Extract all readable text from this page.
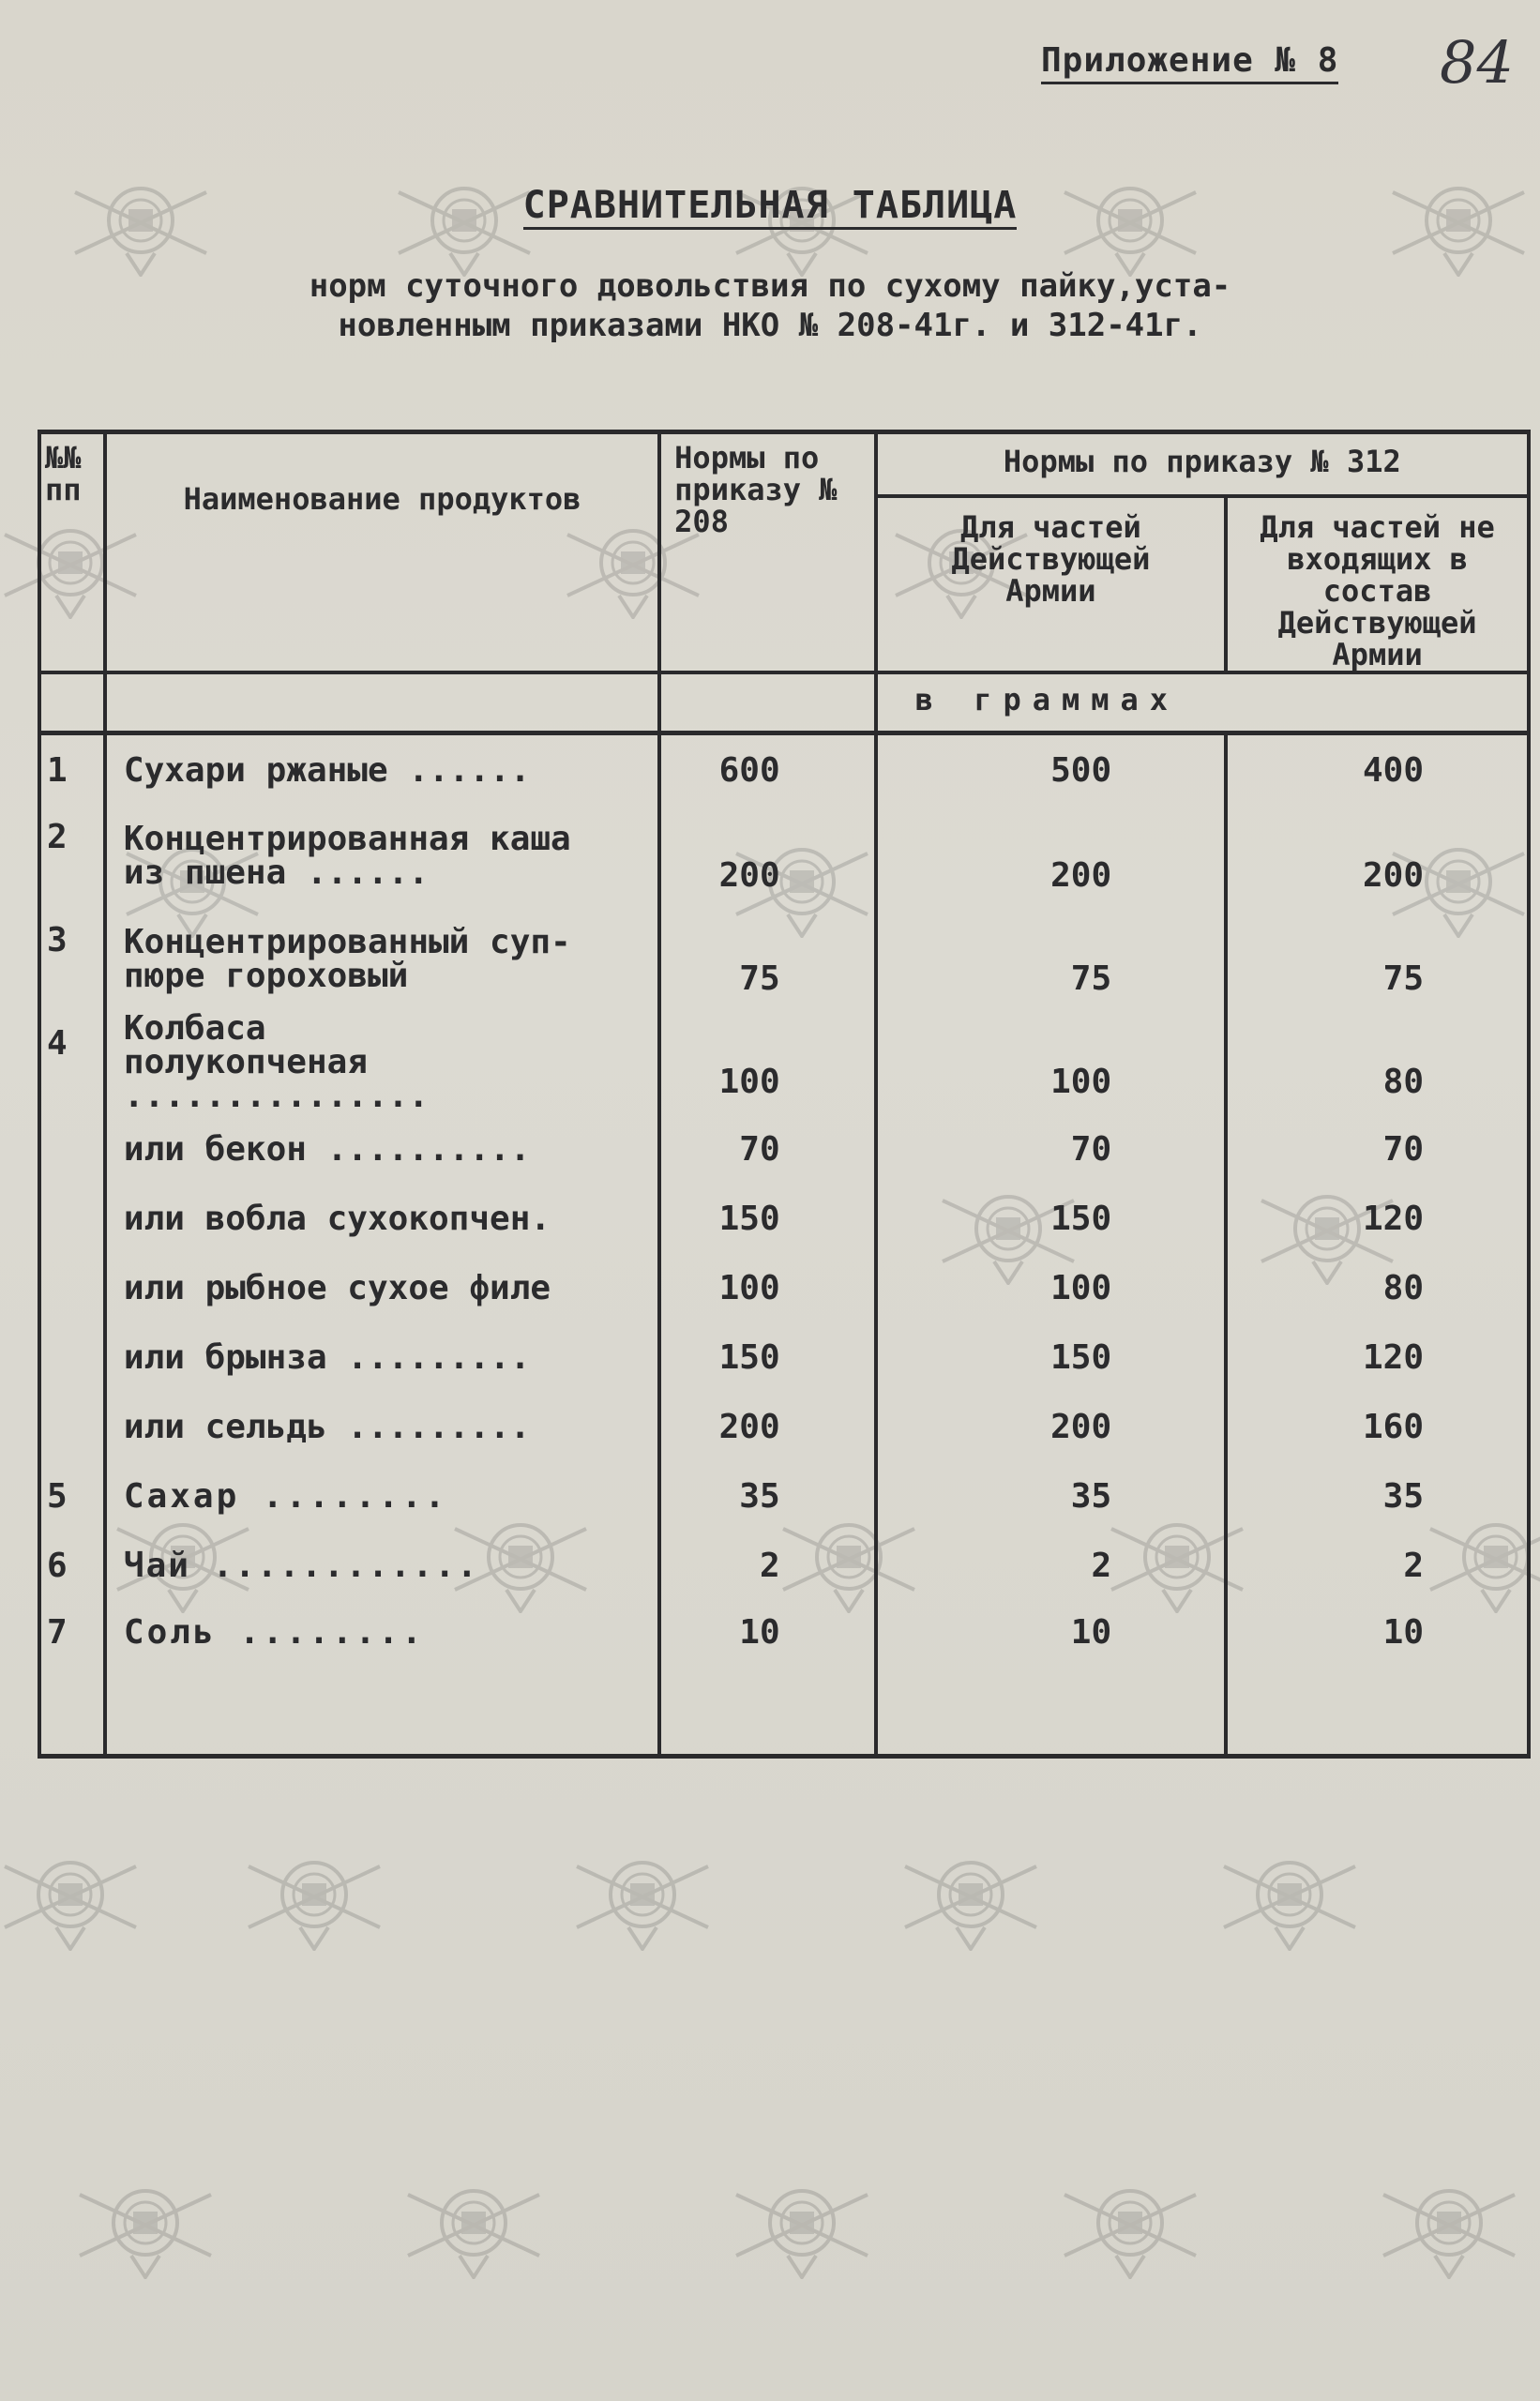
Приложение № 8 84
СРАВНИТЕЛЬНАЯ ТАБЛИЦА
норм суточного довольствия по сухому пайку,уста-
новленным приказами НКО № 208-41г. и 312-41г.
№№ пп	Наименование продуктов	Нормы по приказу № 208	Нормы по приказу № 312	
			Для частей Действующей Армии	Для частей не входящих в состав Действующей Армии
			в граммах	
1	Сухари ржаные ......	600	500	400
2	Концентрированная каша из пшена ......	200	200	200
3	Концентрированный суп-пюре гороховый	75	75	75
4	Колбаса полукопченая ...............	100	100	80
	или бекон ..........	70	70	70
	или вобла сухокопчен.	150	150	120
	или рыбное сухое филе	100	100	80
	или брынза .........	150	150	120
	или сельдь .........	200	200	160
5	Сахар ........	35	35	35
6	Чай ............	2	2	2
7	Соль ........	10	10	10
